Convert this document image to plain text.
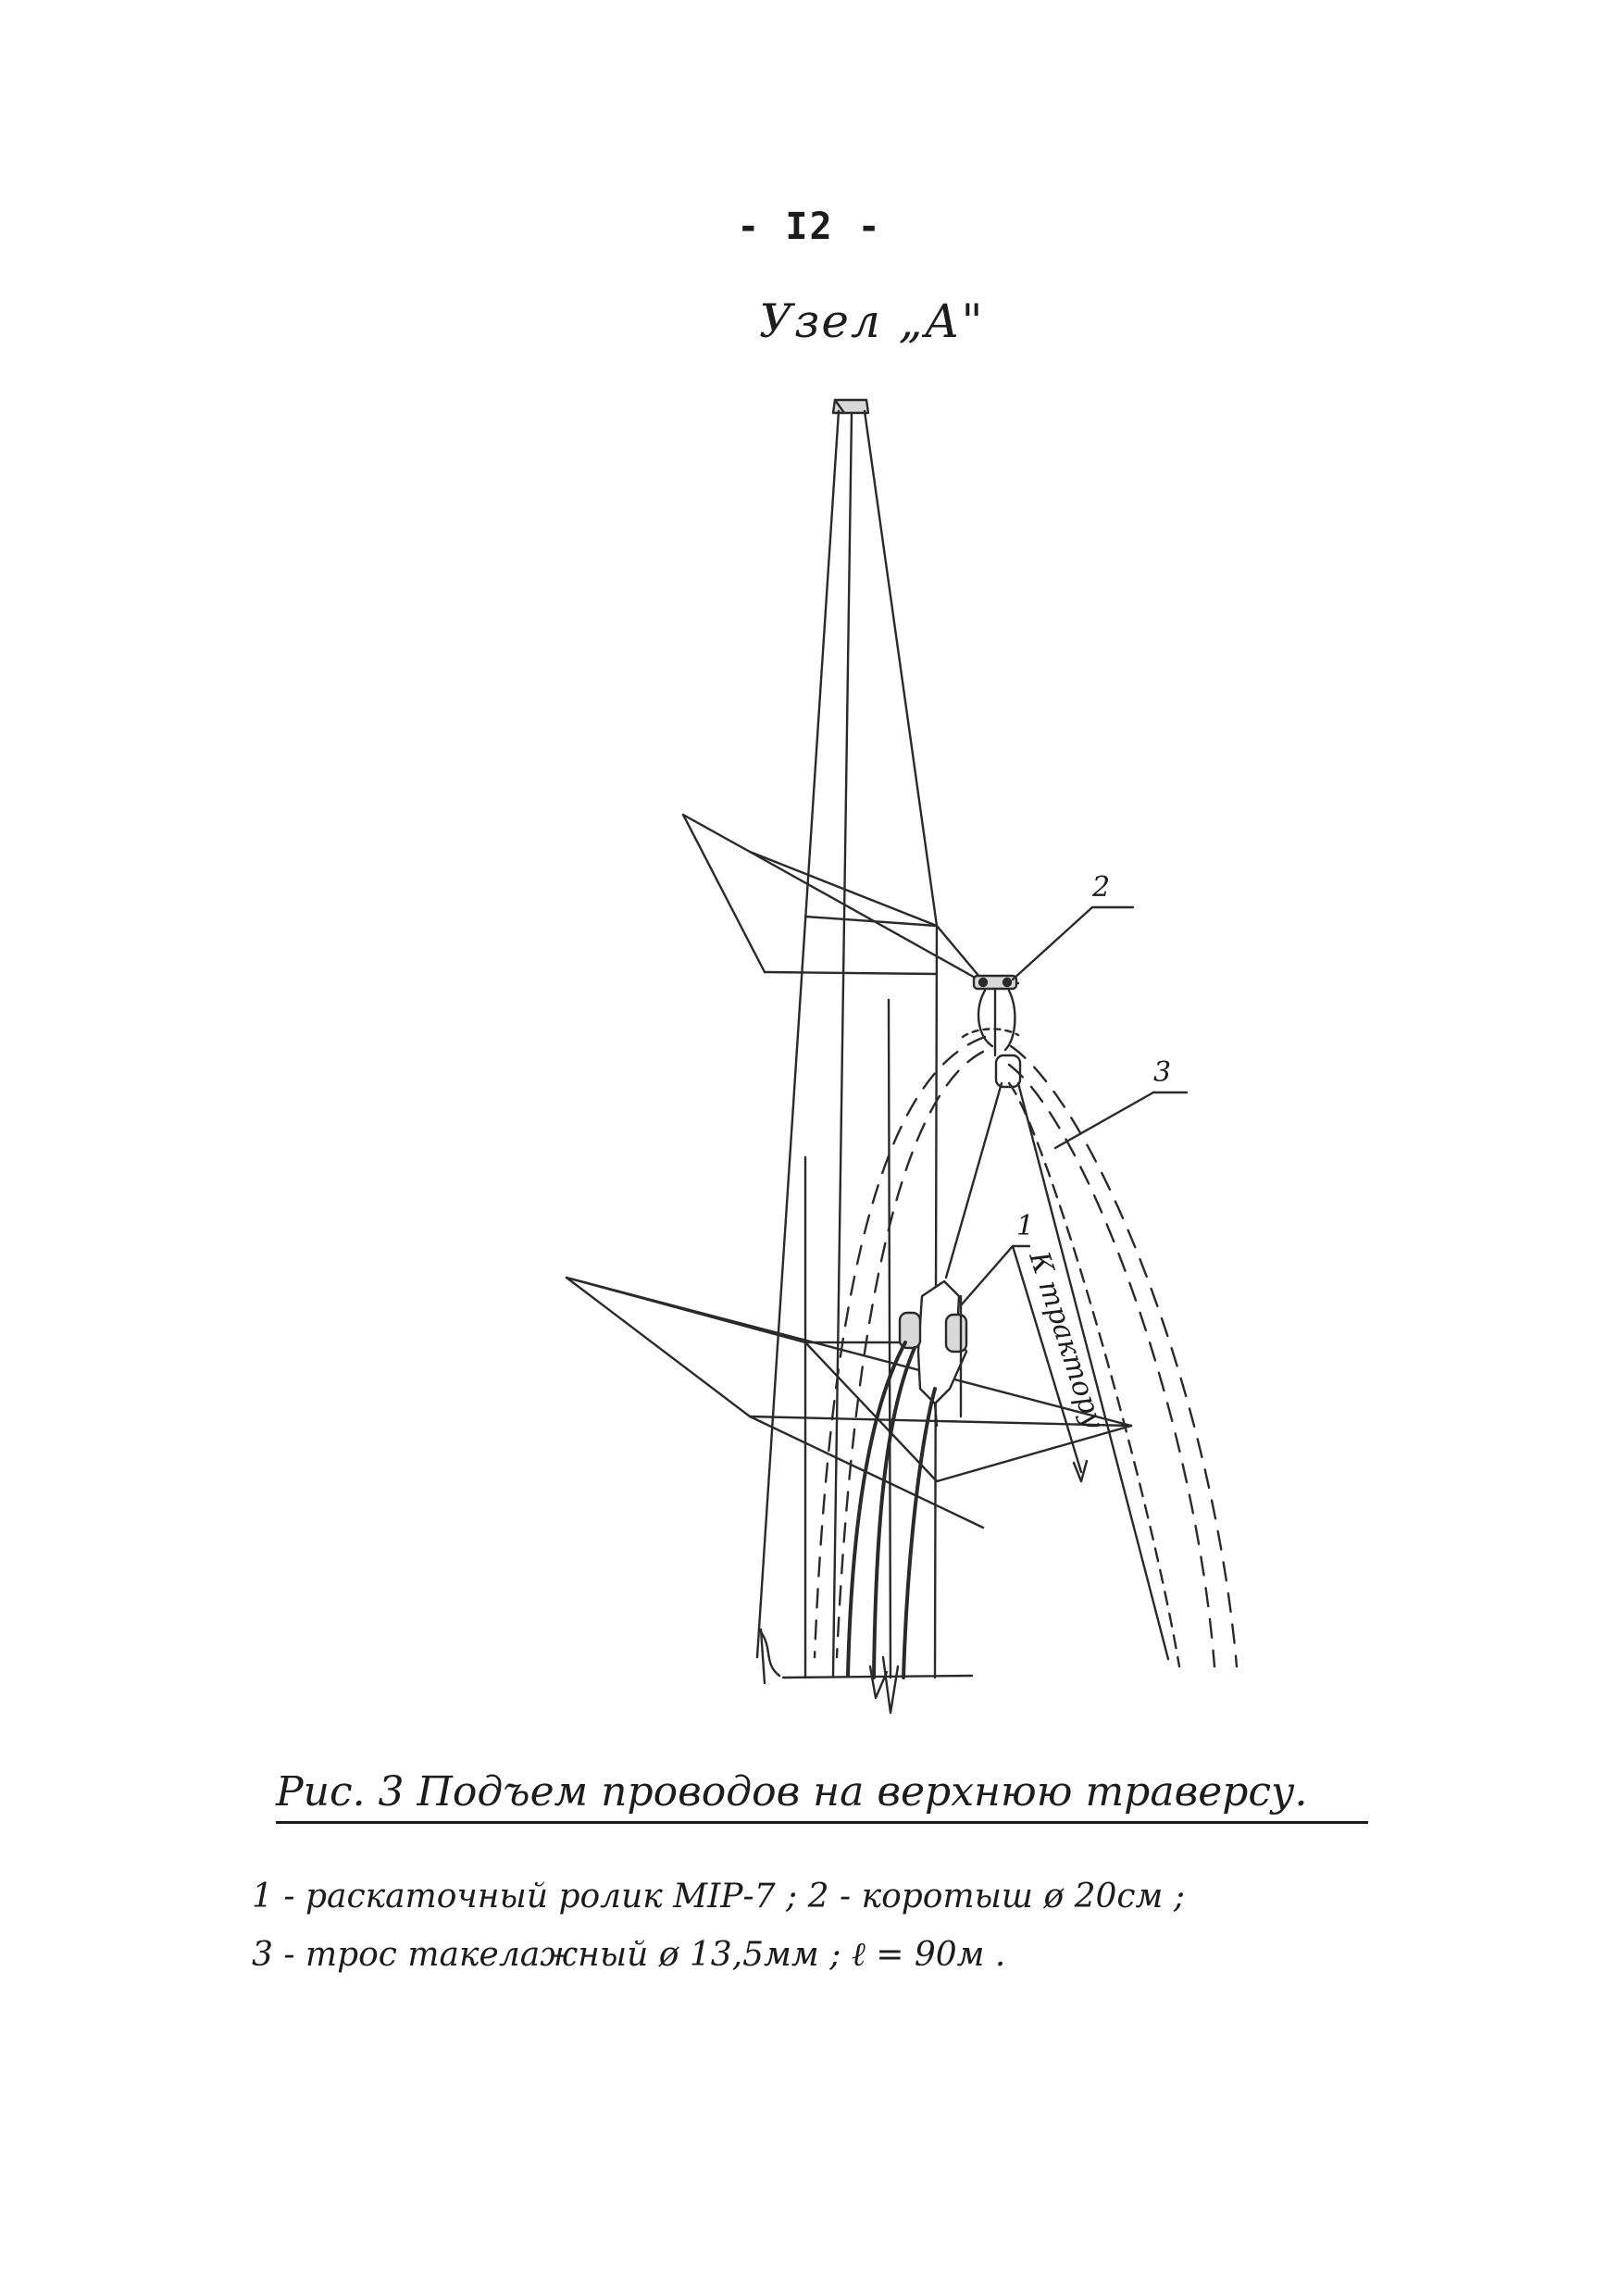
- I2 -
Узел „А"
2
3
1
К трактору
Рис. 3 Подъем проводов на верхнюю траверсу.
1 - раскаточный ролик МІР-7 ; 2 - коротыш ø 20см ;
3 - трос такелажный ø 13,5мм ; ℓ = 90м .
